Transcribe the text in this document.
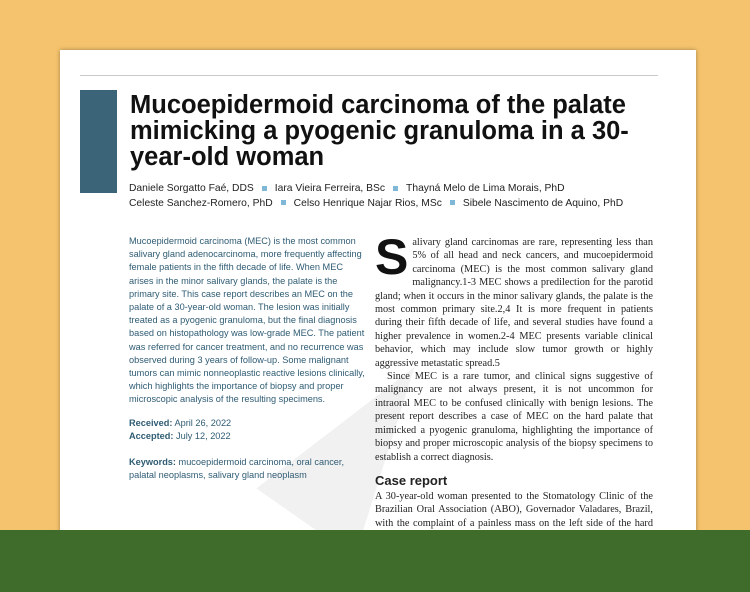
Mucoepidermoid carcinoma of the palate mimicking a pyogenic granuloma in a 30-year-old woman
Daniele Sorgatto Faé, DDS Iara Vieira Ferreira, BSc Thayná Melo de Lima Morais, PhD
Celeste Sanchez-Romero, PhD Celso Henrique Najar Rios, MSc Sibele Nascimento de Aquino, PhD

Mucoepidermoid carcinoma (MEC) is the most common salivary gland adenocarcinoma, more frequently affecting female patients in the fifth decade of life. When MEC arises in the minor salivary glands, the palate is the primary site. This case report describes an MEC on the palate of a 30-year-old woman. The lesion was initially treated as a pyogenic granuloma, but the final diagnosis based on histopathology was low-grade MEC. The patient was referred for cancer treatment, and no recurrence was observed during 3 years of follow-up. Some malignant tumors can mimic nonneoplastic reactive lesions clinically, which highlights the importance of biopsy and proper microscopic analysis of the resulting specimens.

Received: April 26, 2022
Accepted: July 12, 2022
Keywords: mucoepidermoid carcinoma, oral cancer, palatal neoplasms, salivary gland neoplasm

Salivary gland carcinomas are rare, representing less than 5% of all head and neck cancers, and mucoepidermoid carcinoma (MEC) is the most common salivary gland malignancy.1-3 MEC shows a predilection for the parotid gland; when it occurs in the minor salivary glands, the palate is the most common primary site.2,4 It is more frequent in patients during their fifth decade of life, and several studies have found a higher prevalence in women.2-4 MEC presents variable clinical behavior, which may include slow tumor growth or highly aggressive metastatic spread.5

Since MEC is a rare tumor, and clinical signs suggestive of malignancy are not always present, it is not uncommon for intraoral MEC to be confused clinically with benign lesions. The present report describes a case of MEC on the hard palate that mimicked a pyogenic granuloma, highlighting the importance of biopsy and proper microscopic analysis of the biopsy specimens to establish a correct diagnosis.

Case report

A 30-year-old woman presented to the Stomatology Clinic of the Brazilian Oral Association (ABO), Governador Valadares, Brazil, with the complaint of a painless mass on the left side of the hard
